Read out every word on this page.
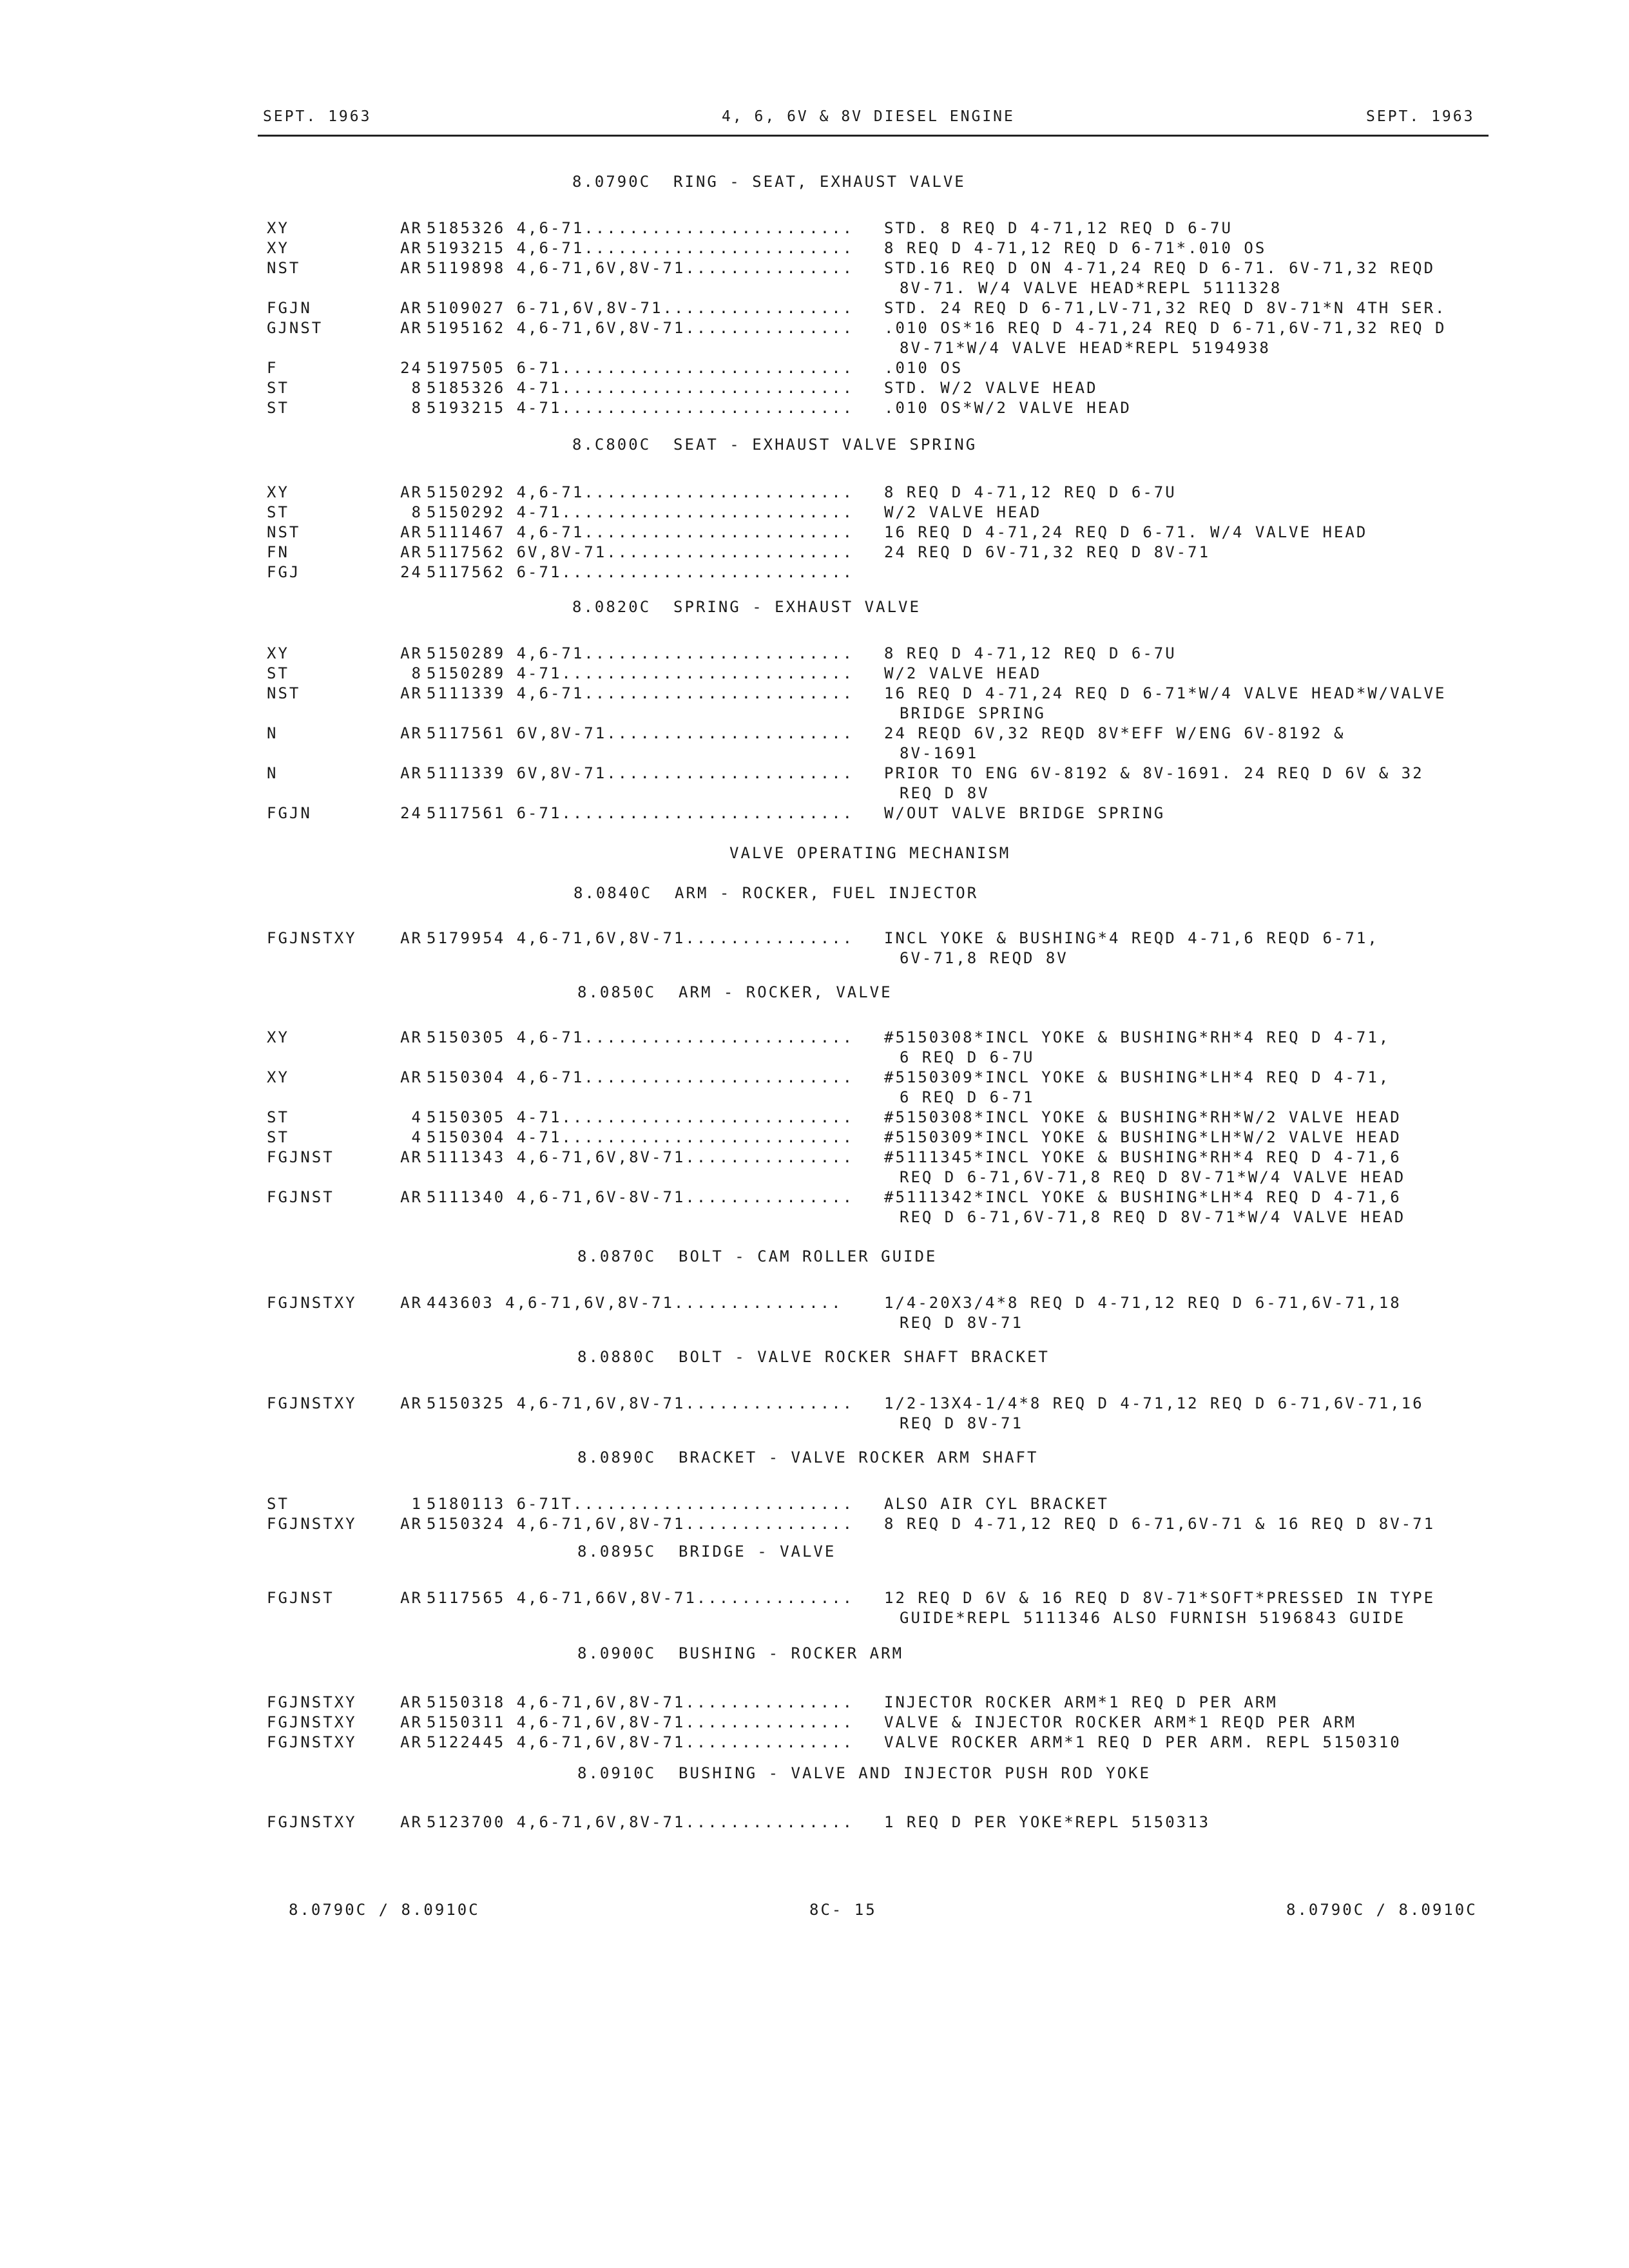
SEPT. 1963	4, 6, 6V & 8V DIESEL ENGINE	SEPT. 1963
8.0790C  RING - SEAT, EXHAUST VALVE
XY	AR 5185326 4,6-71........................ STD. 8 REQ D 4-71,12 REQ D 6-7U
XY	AR 5193215 4,6-71........................ 8 REQ D 4-71,12 REQ D 6-71*.010 OS
NST	AR 5119898 4,6-71,6V,8V-71............... STD.16 REQ D ON 4-71,24 REQ D 6-71. 6V-71,32 REQD
8V-71. W/4 VALVE HEAD*REPL 5111328
FGJN	AR 5109027 6-71,6V,8V-71................. STD. 24 REQ D 6-71,LV-71,32 REQ D 8V-71*N 4TH SER.
GJNST	AR 5195162 4,6-71,6V,8V-71............... .010 OS*16 REQ D 4-71,24 REQ D 6-71,6V-71,32 REQ D
8V-71*W/4 VALVE HEAD*REPL 5194938
F	24 5197505 6-71.......................... .010 OS
ST	8 5185326 4-71.......................... STD. W/2 VALVE HEAD
ST	8 5193215 4-71.......................... .010 OS*W/2 VALVE HEAD
8.C800C  SEAT - EXHAUST VALVE SPRING
XY	AR 5150292 4,6-71........................ 8 REQ D 4-71,12 REQ D 6-7U
ST	8 5150292 4-71.......................... W/2 VALVE HEAD
NST	AR 5111467 4,6-71........................ 16 REQ D 4-71,24 REQ D 6-71. W/4 VALVE HEAD
FN	AR 5117562 6V,8V-71...................... 24 REQ D 6V-71,32 REQ D 8V-71
FGJ	24 5117562 6-71..........................
8.0820C  SPRING - EXHAUST VALVE
XY	AR 5150289 4,6-71........................ 8 REQ D 4-71,12 REQ D 6-7U
ST	8 5150289 4-71.......................... W/2 VALVE HEAD
NST	AR 5111339 4,6-71........................ 16 REQ D 4-71,24 REQ D 6-71*W/4 VALVE HEAD*W/VALVE
BRIDGE SPRING
N	AR 5117561 6V,8V-71...................... 24 REQD 6V,32 REQD 8V*EFF W/ENG 6V-8192 &
8V-1691
N	AR 5111339 6V,8V-71...................... PRIOR TO ENG 6V-8192 & 8V-1691. 24 REQ D 6V & 32
REQ D 8V
FGJN	24 5117561 6-71.......................... W/OUT VALVE BRIDGE SPRING
VALVE OPERATING MECHANISM
8.0840C  ARM - ROCKER, FUEL INJECTOR
FGJNSTXY	AR 5179954 4,6-71,6V,8V-71............... INCL YOKE & BUSHING*4 REQD 4-71,6 REQD 6-71,
6V-71,8 REQD 8V
8.0850C  ARM - ROCKER, VALVE
XY	AR 5150305 4,6-71........................ #5150308*INCL YOKE & BUSHING*RH*4 REQ D 4-71,
6 REQ D 6-7U
XY	AR 5150304 4,6-71........................ #5150309*INCL YOKE & BUSHING*LH*4 REQ D 4-71,
6 REQ D 6-71
ST	4 5150305 4-71.......................... #5150308*INCL YOKE & BUSHING*RH*W/2 VALVE HEAD
ST	4 5150304 4-71.......................... #5150309*INCL YOKE & BUSHING*LH*W/2 VALVE HEAD
FGJNST	AR 5111343 4,6-71,6V,8V-71............... #5111345*INCL YOKE & BUSHING*RH*4 REQ D 4-71,6
REQ D 6-71,6V-71,8 REQ D 8V-71*W/4 VALVE HEAD
FGJNST	AR 5111340 4,6-71,6V-8V-71............... #5111342*INCL YOKE & BUSHING*LH*4 REQ D 4-71,6
REQ D 6-71,6V-71,8 REQ D 8V-71*W/4 VALVE HEAD
8.0870C  BOLT - CAM ROLLER GUIDE
FGJNSTXY	AR 443603 4,6-71,6V,8V-71...............	1/4-20X3/4*8 REQ D 4-71,12 REQ D 6-71,6V-71,18
REQ D 8V-71
8.0880C  BOLT - VALVE ROCKER SHAFT BRACKET
FGJNSTXY	AR 5150325 4,6-71,6V,8V-71............... 1/2-13X4-1/4*8 REQ D 4-71,12 REQ D 6-71,6V-71,16
REQ D 8V-71
8.0890C  BRACKET - VALVE ROCKER ARM SHAFT
ST	1 5180113 6-71T......................... ALSO AIR CYL BRACKET
FGJNSTXY	AR 5150324 4,6-71,6V,8V-71............... 8 REQ D 4-71,12 REQ D 6-71,6V-71 & 16 REQ D 8V-71
8.0895C  BRIDGE - VALVE
FGJNST	AR 5117565 4,6-71,66V,8V-71.............. 12 REQ D 6V & 16 REQ D 8V-71*SOFT*PRESSED IN TYPE
GUIDE*REPL 5111346 ALSO FURNISH 5196843 GUIDE
8.0900C  BUSHING - ROCKER ARM
FGJNSTXY	AR 5150318 4,6-71,6V,8V-71............... INJECTOR ROCKER ARM*1 REQ D PER ARM
FGJNSTXY	AR 5150311 4,6-71,6V,8V-71............... VALVE & INJECTOR ROCKER ARM*1 REQD PER ARM
FGJNSTXY	AR 5122445 4,6-71,6V,8V-71............... VALVE ROCKER ARM*1 REQ D PER ARM. REPL 5150310
8.0910C  BUSHING - VALVE AND INJECTOR PUSH ROD YOKE
FGJNSTXY	AR 5123700 4,6-71,6V,8V-71............... 1 REQ D PER YOKE*REPL 5150313
8.0790C / 8.0910C	8C- 15	8.0790C / 8.0910C
